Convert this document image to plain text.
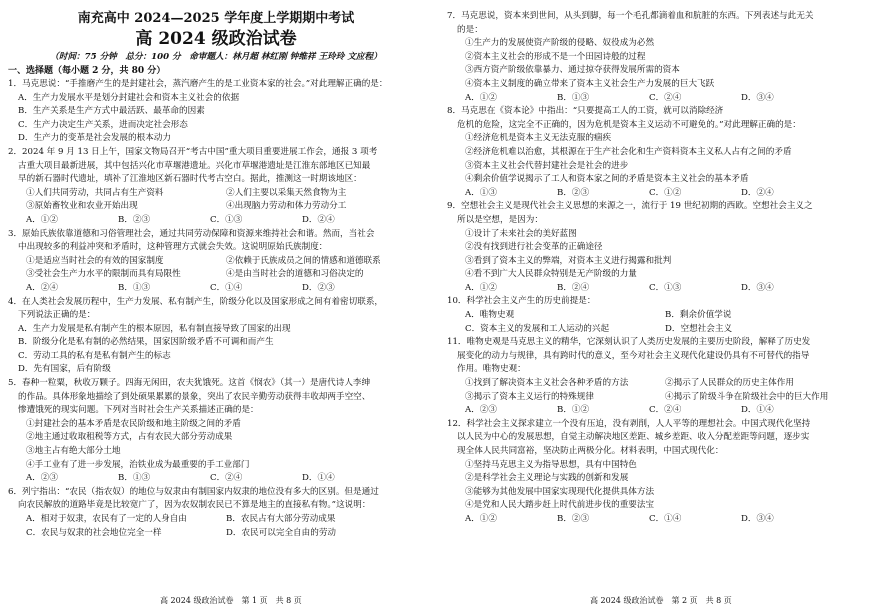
南充高中 2024—2025 学年度上学期期中考试
高 2024 级政治试卷
（时间：75 分钟　总分：100 分　命审题人：林月超 林红刚 钟维祥 王玲玲 文应程）
一、选择题（每小题 2 分，共 80 分）
1．马克思说：“手推磨产生的是封建社会，蒸汽磨产生的是工业资本家的社会。”对此理解正确的是：
A．生产力发展水平是划分封建社会和资本主义社会的依据
B．生产关系是生产方式中最活跃、最革命的因素
C．生产力决定生产关系，进而决定社会形态
D．生产力的变革是社会发展的根本动力
2．2024 年 9 月 13 日上午，国家文物局召开“考古中国”重大项目重要进展工作会，通报 3 项考
古重大项目最新进展，其中包括兴化市草堰港遗址。兴化市草堰港遗址是江淮东部地区已知最
早的新石器时代遗址，填补了江淮地区新石器时代考古空白。据此，推测这一时期该地区：
①人们共同劳动，共同占有生产资料	②人们主要以采集天然食物为主
③原始畜牧业和农业开始出现	④出现脑力劳动和体力劳动分工
A．①②	B．②③	C．①③	D．②④
3．原始氏族依靠道德和习俗管理社会，通过共同劳动保障和资源来维持社会和谐。然而，当社会
中出现较多的利益冲突和矛盾时，这种管理方式就会失效。这说明原始氏族制度：
①是适应当时社会的有效的国家制度	②依赖于氏族成员之间的情感和道德联系
③受社会生产力水平的限制而具有局限性	④是由当时社会的道德和习俗决定的
A．②④	B．①③	C．①④	D．②③
4．在人类社会发展历程中，生产力发展、私有制产生，阶级分化以及国家形成之间有着密切联系，
下列说法正确的是：
A．生产力发展是私有制产生的根本原因，私有制直接导致了国家的出现
B．阶级分化是私有制的必然结果，国家因阶级矛盾不可调和而产生
C．劳动工具的私有是私有制产生的标志
D．先有国家，后有阶级
5．春种一粒粟，秋收万颗子。四海无闲田，农夫犹饿死。这首《悯农》（其一）是唐代诗人李绅
的作品。具体形象地描绘了到处硕果累累的景象，突出了农民辛勤劳动获得丰收却两手空空、
惨遭饿死的现实问题。下列对当时社会生产关系描述正确的是：
①封建社会的基本矛盾是农民阶级和地主阶级之间的矛盾
②地主通过收取租税等方式，占有农民大部分劳动成果
③地主占有绝大部分土地
④手工业有了进一步发展，治铁业成为最重要的手工业部门
A．②③	B．①③	C．②④	D．①④
6．列宁指出：“农民（指农奴）的地位与奴隶由有制国家内奴隶的地位没有多大的区别。但是通过
向农民解放的道路毕竟是比较宽广了，因为农奴制农民已不算是地主的直接私有物。”这说明：
A．相对于奴隶，农民有了一定的人身自由	B．农民占有大部分劳动成果
C．农民与奴隶的社会地位完全一样	D．农民可以完全自由的劳动
7．马克思说，资本来到世间，从头到脚，每一个毛孔都滴着血和肮脏的东西。下列表述与此无关
的是：
①生产力的发展使资产阶级的侵略、奴役成为必然
②资本主义社会的形成不是一个田园诗般的过程
③西方资产阶级依靠暴力、通过掠夺获得发展所需的资本
④资本主义制度的确立带来了资本主义社会生产力发展的巨大飞跃
A．①②	B．①③	C．②④	D．③④
8．马克思在《资本论》中指出：“只要提高工人的工资，就可以消除经济
危机的危险，这完全不正确的，因为危机是资本主义运动不可避免的。”对此理解正确的是：
①经济危机是资本主义无法克服的痼疾
②经济危机难以治愈，其根源在于生产社会化和生产资料资本主义私人占有之间的矛盾
③资本主义社会代替封建社会是社会的进步
④剩余价值学说揭示了工人和资本家之间的矛盾是资本主义社会的基本矛盾
A．①③	B．②③	C．①②	D．②④
9．空想社会主义是现代社会主义思想的来源之一，流行于 19 世纪初期的西欧。空想社会主义之
所以是空想，是因为：
①设计了未来社会的美好蓝图
②没有找到进行社会变革的正确途径
③看到了资本主义的弊端，对资本主义进行揭露和批判
④看不到广大人民群众特别是无产阶级的力量
A．①②	B．②④	C．①③	D．③④
10．科学社会主义产生的历史前提是：
A．唯物史观	B．剩余价值学说
C．资本主义的发展和工人运动的兴起	D．空想社会主义
11．唯物史观是马克思主义的精华，它深刻认识了人类历史发展的主要历史阶段，解释了历史发
展变化的动力与规律，具有跨时代的意义，至今对社会主义现代化建设仍具有不可替代的指导
作用。唯物史观：
①找到了解决资本主义社会各种矛盾的方法	②揭示了人民群众的历史主体作用
③揭示了资本主义运行的特殊规律	④揭示了阶级斗争在阶级社会中的巨大作用
A．②③	B．①②	C．②④	D．①④
12．科学社会主义探求建立一个没有压迫，没有剥削，人人平等的理想社会。中国式现代化坚持
以人民为中心的发展思想，自觉主动解决地区差距、城乡差距、收入分配差距等问题，逐步实
现全体人民共同富裕，坚决防止两极分化。材料表明，中国式现代化：
①坚持马克思主义为指导思想，具有中国特色
②是科学社会主义理论与实践的创新和发展
③能够为其他发展中国家实现现代化提供具体方法
④是党和人民大踏步赶上时代前进步伐的重要法宝
A．①②	B．②③	C．①④	D．③④
高 2024 级政治试卷　第 1 页　共 8 页	高 2024 级政治试卷　第 2 页　共 8 页
